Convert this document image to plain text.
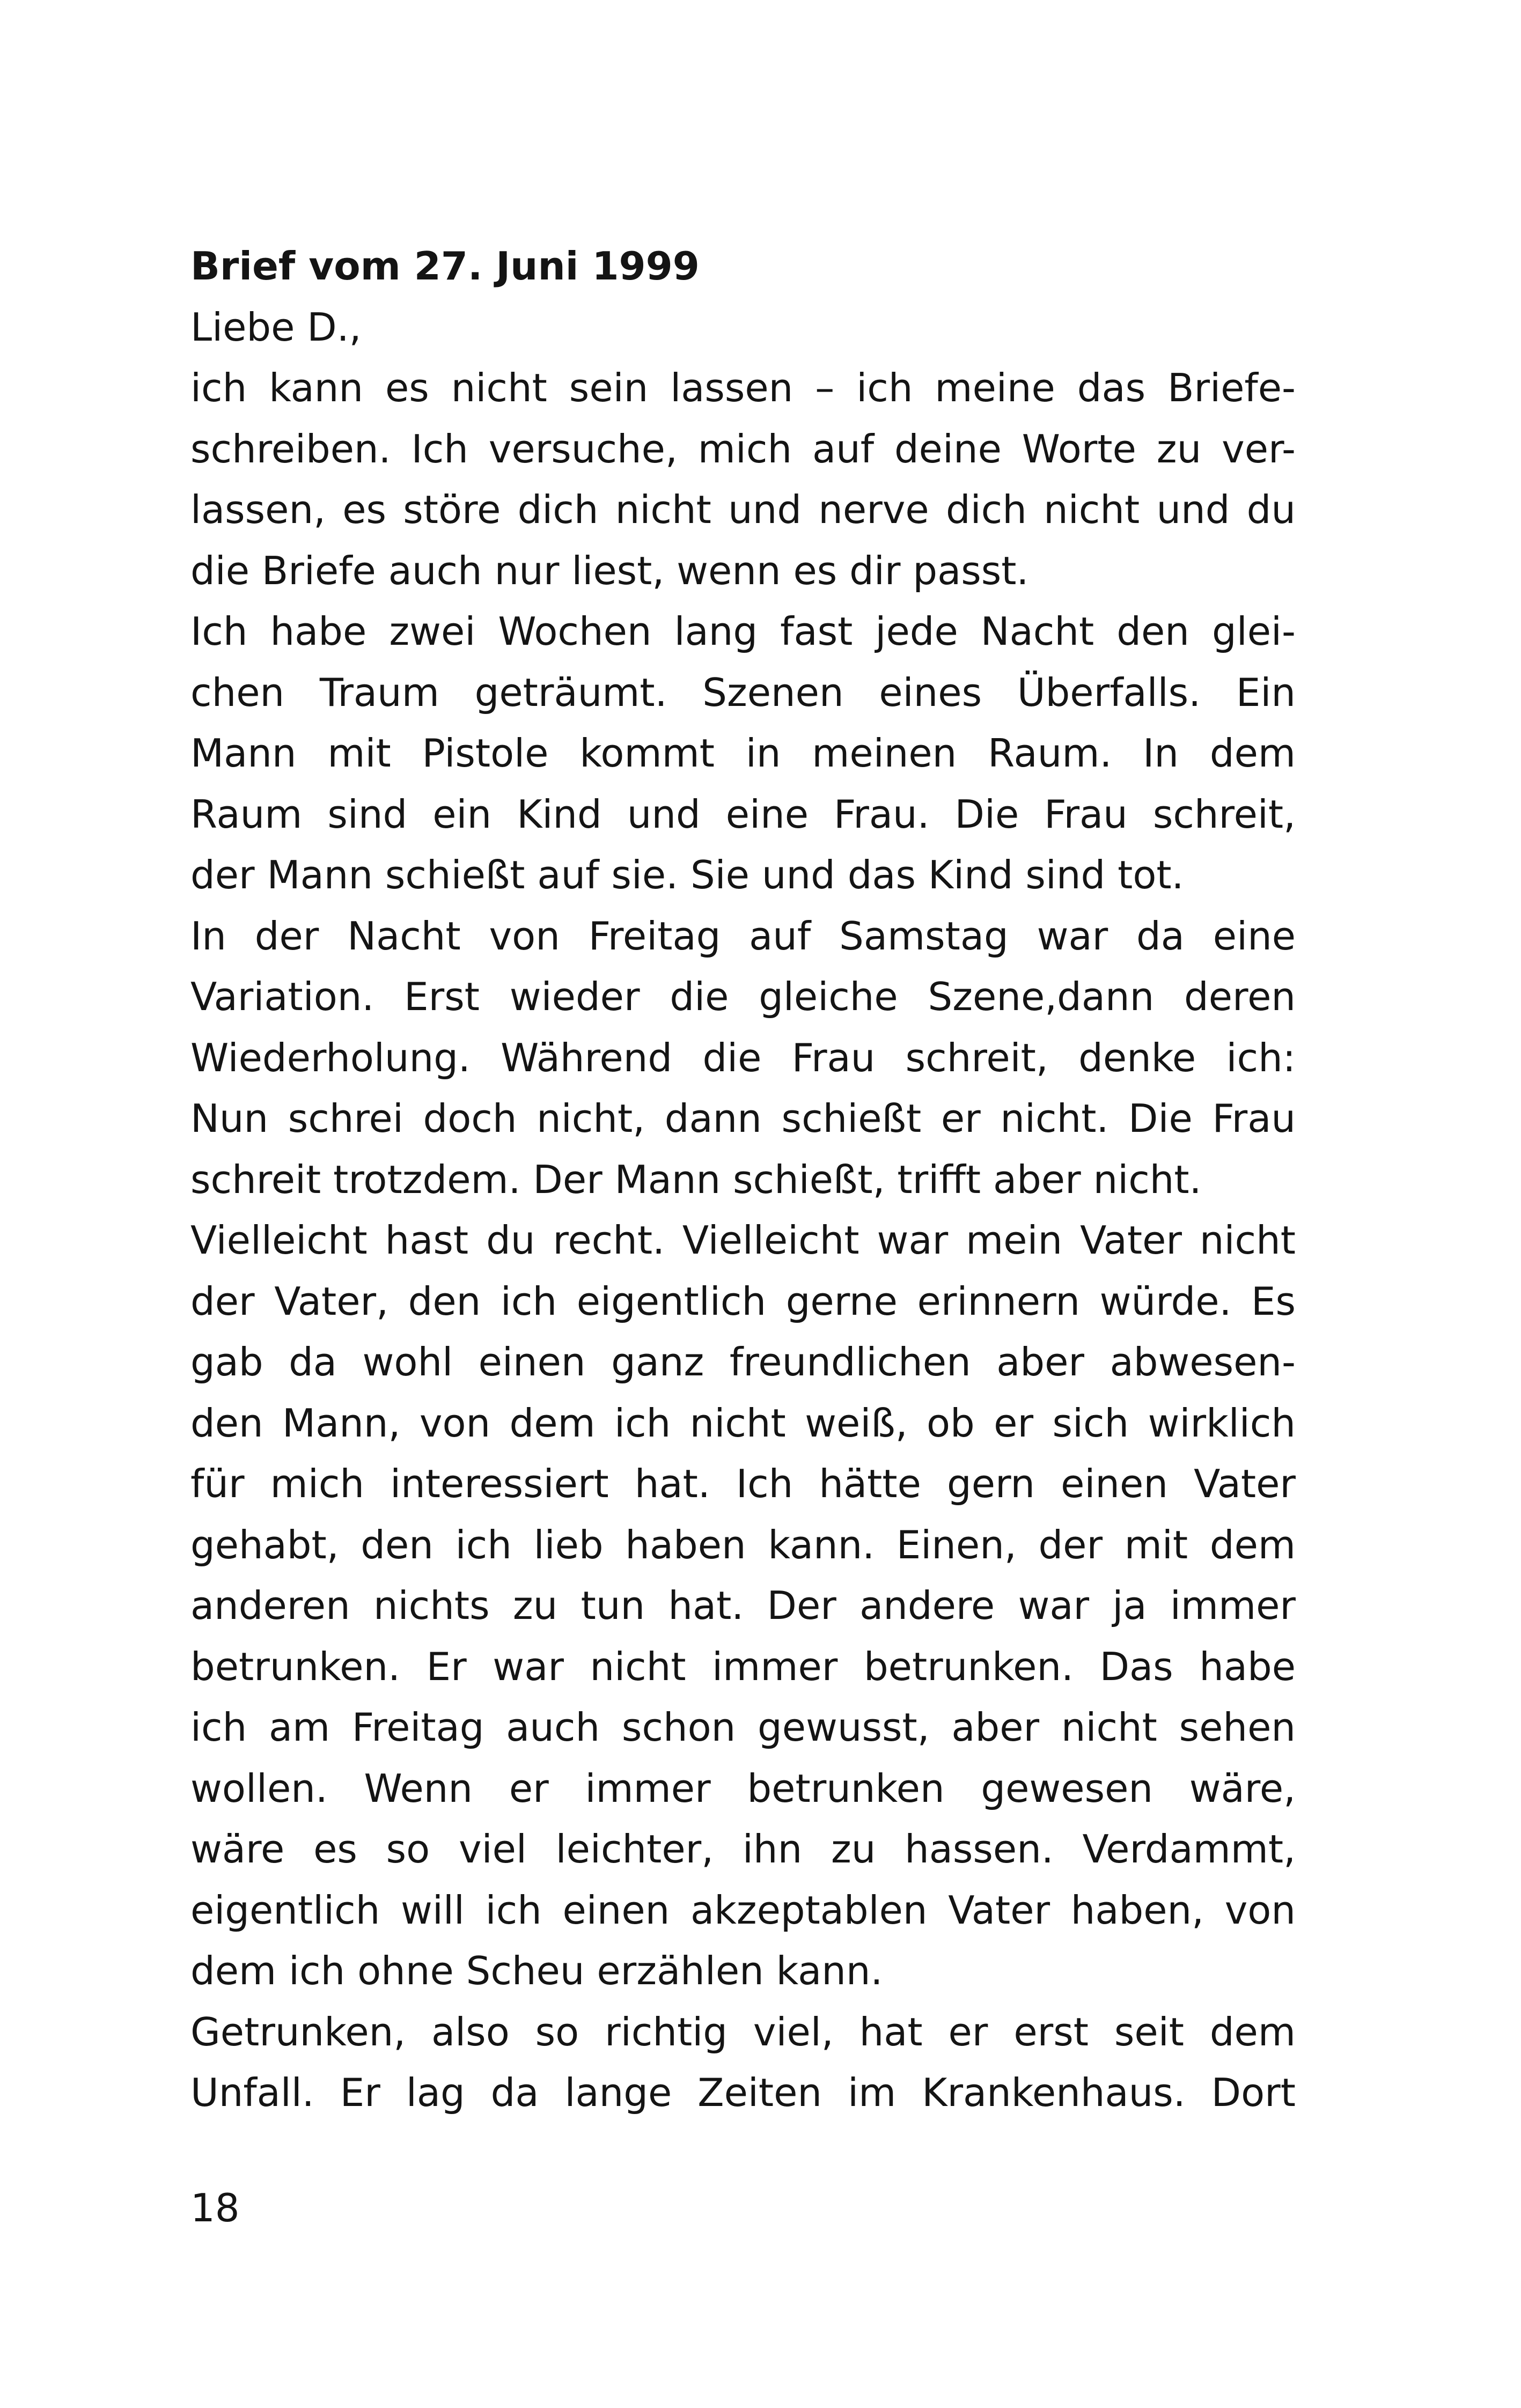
Brief vom 27. Juni 1999
Liebe D.,
ich kann es nicht sein lassen – ich meine das Briefe-
schreiben. Ich versuche, mich auf deine Worte zu ver-
lassen, es störe dich nicht und nerve dich nicht und du
die Briefe auch nur liest, wenn es dir passt.
Ich habe zwei Wochen lang fast jede Nacht den glei-
chen Traum geträumt. Szenen eines Überfalls. Ein
Mann mit Pistole kommt in meinen Raum. In dem
Raum sind ein Kind und eine Frau. Die Frau schreit,
der Mann schießt auf sie. Sie und das Kind sind tot.
In der Nacht von Freitag auf Samstag war da eine
Variation. Erst wieder die gleiche Szene,dann deren
Wiederholung. Während die Frau schreit, denke ich:
Nun schrei doch nicht, dann schießt er nicht. Die Frau
schreit trotzdem. Der Mann schießt, trifft aber nicht.
Vielleicht hast du recht. Vielleicht war mein Vater nicht
der Vater, den ich eigentlich gerne erinnern würde. Es
gab da wohl einen ganz freundlichen aber abwesen-
den Mann, von dem ich nicht weiß, ob er sich wirklich
für mich interessiert hat. Ich hätte gern einen Vater
gehabt, den ich lieb haben kann. Einen, der mit dem
anderen nichts zu tun hat. Der andere war ja immer
betrunken. Er war nicht immer betrunken. Das habe
ich am Freitag auch schon gewusst, aber nicht sehen
wollen. Wenn er immer betrunken gewesen wäre,
wäre es so viel leichter, ihn zu hassen. Verdammt,
eigentlich will ich einen akzeptablen Vater haben, von
dem ich ohne Scheu erzählen kann.
Getrunken, also so richtig viel, hat er erst seit dem
Unfall. Er lag da lange Zeiten im Krankenhaus. Dort
18
